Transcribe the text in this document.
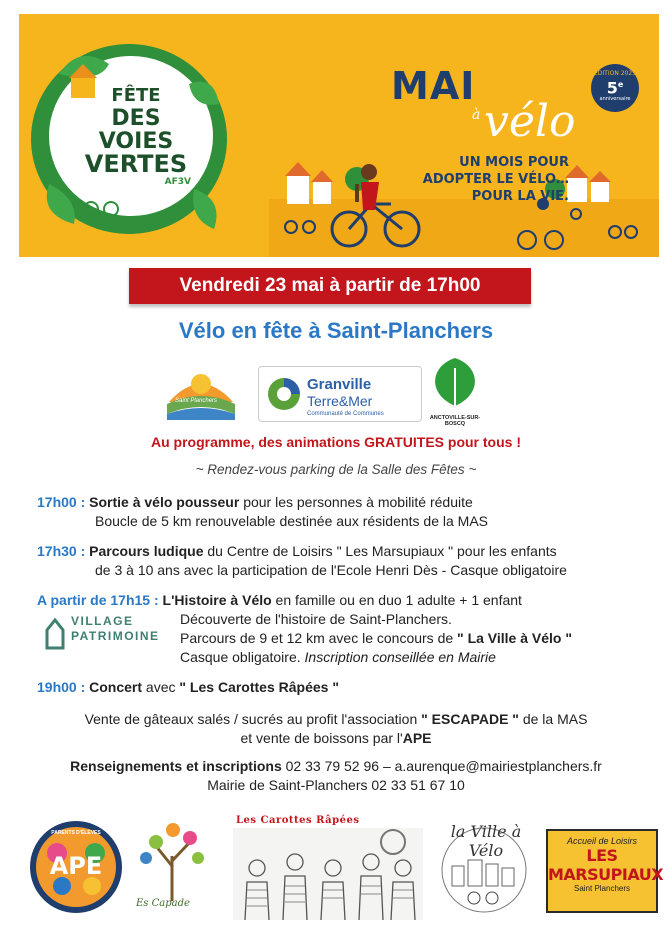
FÊTE
DES VOIES
VERTES
AF3V
MAI
à vélo
UN MOIS POUR
ADOPTER LE VÉLO…
POUR LA VIE.
ÉDITION 2025
5e
anniversaire
Vendredi 23 mai à partir de 17h00
Vélo en fête à Saint-Planchers
Saint Planchers
Granville
Terre&Mer
Communauté de Communes
ANCTOVILLE-SUR-BOSCQ
Au programme, des animations GRATUITES pour tous !
~ Rendez-vous parking de la Salle des Fêtes ~
17h00 : Sortie à vélo pousseur pour les personnes à mobilité réduite
Boucle de 5 km renouvelable destinée aux résidents de la MAS
17h30 : Parcours ludique du Centre de Loisirs " Les Marsupiaux " pour les enfants
de 3 à 10 ans avec la participation de l'Ecole Henri Dès - Casque obligatoire
A partir de 17h15 : L'Histoire à Vélo en famille ou en duo 1 adulte + 1 enfant
Découverte de l'histoire de Saint-Planchers.
Parcours de 9 et 12 km avec le concours de " La Ville à Vélo "
Casque obligatoire. Inscription conseillée en Mairie
VILLAGE
PATRIMOINE
19h00 : Concert avec " Les Carottes Râpées "
Vente de gâteaux salés / sucrés au profit l'association " ESCAPADE " de la MAS
et vente de boissons par l'APE
Renseignements et inscriptions 02 33 79 52 96 – a.aurenque@mairiestplanchers.fr
Mairie de Saint-Planchers 02 33 51 67 10
APE
PARENTS D'ÉLÈVES
Es Capade
Les Carottes Râpées
la Ville à Vélo	Accueil de Loisirs
LES MARSUPIAUX
Saint Planchers
